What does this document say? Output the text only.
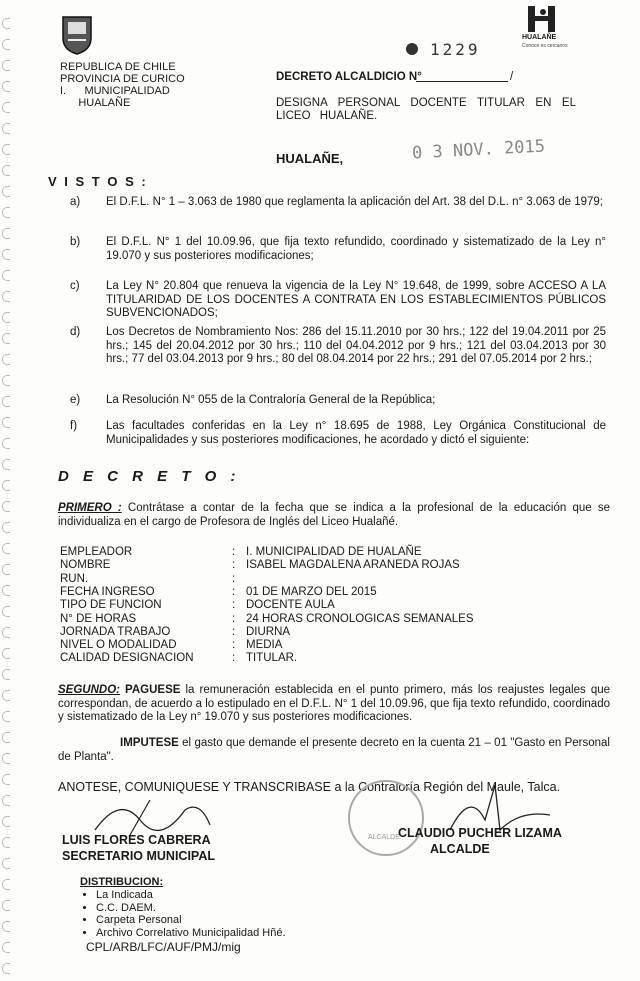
REPUBLICA DE CHILE
PROVINCIA DE CURICO
I.      MUNICIPALIDAD
HUALAÑE
HUALAÑE
Conoce es cercanos
1229
DECRETO ALCALDICIO N°	/
DESIGNA PERSONAL DOCENTE TITULAR EN EL LICEO HUALAÑE.
HUALAÑE,	0 3 NOV. 2015
V I S T O S :
a) El D.F.L. N° 1 – 3.063 de 1980 que reglamenta la aplicación del Art. 38 del D.L. n° 3.063 de 1979;
b) El D.F.L. N° 1 del 10.09.96, que fija texto refundido, coordinado y sistematizado de la Ley n° 19.070 y sus posteriores modificaciones;
c) La Ley N° 20.804 que renueva la vigencia de la Ley N° 19.648, de 1999, sobre ACCESO A LA TITULARIDAD DE LOS DOCENTES A CONTRATA EN LOS ESTABLECIMIENTOS PÚBLICOS SUBVENCIONADOS;
d) Los Decretos de Nombramiento Nos: 286 del 15.11.2010 por 30 hrs.; 122 del 19.04.2011 por 25 hrs.; 145 del 20.04.2012 por 30 hrs.; 110 del 04.04.2012 por 9 hrs.; 121 del 03.04.2013 por 30 hrs.; 77 del 03.04.2013 por 9 hrs.; 80 del 08.04.2014 por 22 hrs.; 291 del 07.05.2014 por 2 hrs.;
e) La Resolución N° 055 de la Contraloría General de la República;
f)	Las facultades conferidas en la Ley n° 18.695 de 1988, Ley Orgánica Constitucional de Municipalidades y sus posteriores modificaciones, he acordado y dictó el siguiente:
D E C R E T O :
PRIMERO : Contrátase a contar de la fecha que se indica a la profesional de la educación que se individualiza en el cargo de Profesora de Inglés del Liceo Hualañé.
EMPLEADOR	: I. MUNICIPALIDAD DE HUALAÑE
NOMBRE	: ISABEL MAGDALENA ARANEDA ROJAS
RUN.	:
FECHA INGRESO	: 01 DE MARZO DEL 2015
TIPO DE FUNCION	: DOCENTE AULA
N° DE HORAS	: 24 HORAS CRONOLOGICAS SEMANALES
JORNADA TRABAJO	: DIURNA
NIVEL O MODALIDAD	: MEDIA
CALIDAD DESIGNACION	: TITULAR.
SEGUNDO: PAGUESE la remuneración establecida en el punto primero, más los reajustes legales que correspondan, de acuerdo a lo estipulado en el D.F.L. N° 1 del 10.09.96, que fija texto refundido, coordinado y sistematizado de la Ley n° 19.070 y sus posteriores modificaciones.
IMPUTESE el gasto que demande el presente decreto en la cuenta 21 – 01 "Gasto en Personal de Planta".
ANOTESE, COMUNIQUESE Y TRANSCRIBASE a la Contraloría Región del Maule, Talca.
ALCALDE
LUIS FLORES CABRERA
SECRETARIO MUNICIPAL
CLAUDIO PUCHER LIZAMA
ALCALDE
DISTRIBUCION:
• La Indicada
• C.C. DAEM.
• Carpeta Personal
• Archivo Correlativo Municipalidad Hñé.
CPL/ARB/LFC/AUF/PMJ/mig
